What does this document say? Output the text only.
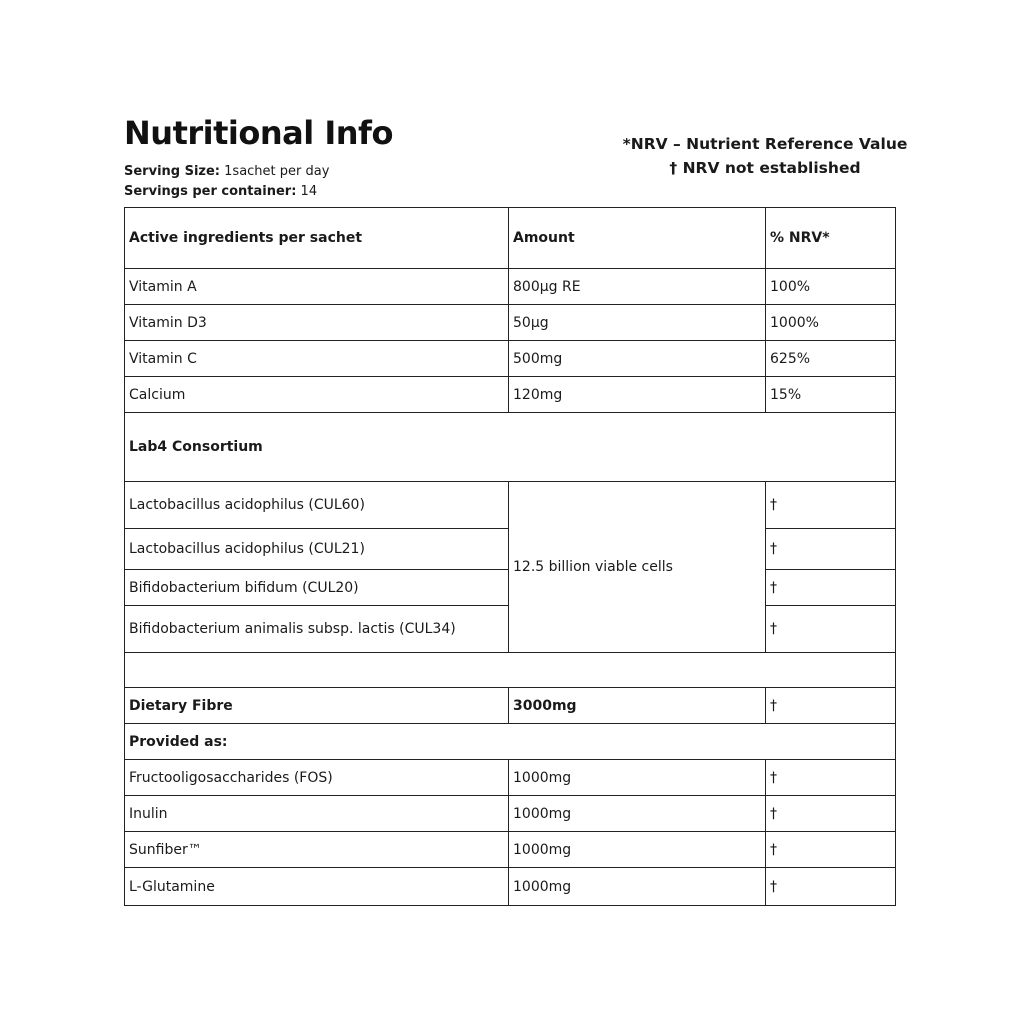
Nutritional Info
Serving Size: 1sachet per day
Servings per container: 14
*NRV – Nutrient Reference Value
† NRV not established
Active ingredients per sachet	Amount	% NRV*
Vitamin A	800µg RE	100%
Vitamin D3	50µg	1000%
Vitamin C	500mg	625%
Calcium	120mg	15%
Lab4 Consortium		
Lactobacillus acidophilus (CUL60)	12.5 billion viable cells	†
Lactobacillus acidophilus (CUL21)		†
Bifidobacterium bifidum (CUL20)		†
Bifidobacterium animalis subsp. lactis (CUL34)		†

Dietary Fibre	3000mg	†
Provided as:		
Fructooligosaccharides (FOS)	1000mg	†
Inulin	1000mg	†
Sunfiber™	1000mg	†
L-Glutamine	1000mg	†
